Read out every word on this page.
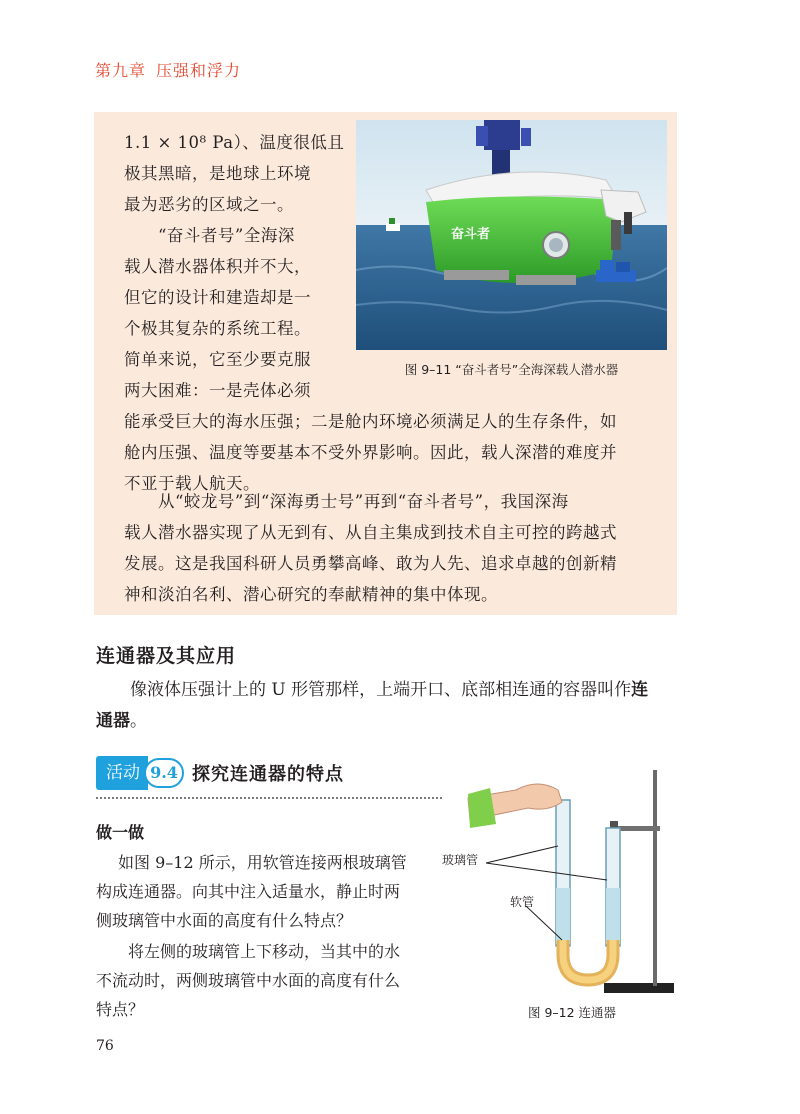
第九章 压强和浮力

1.1 × 10⁸ Pa）、温度很低且

极其黑暗，是地球上环境

最为恶劣的区域之一。

“奋斗者号”全海深

载人潜水器体积并不大，

但它的设计和建造却是一

个极其复杂的系统工程。

简单来说，它至少要克服

两大困难：一是壳体必须

能承受巨大的海水压强；二是舱内环境必须满足人的生存条件，如

舱内压强、温度等要基本不受外界影响。因此，载人深潜的难度并

不亚于载人航天。

从“蛟龙号”到“深海勇士号”再到“奋斗者号”，我国深海

载人潜水器实现了从无到有、从自主集成到技术自主可控的跨越式

发展。这是我国科研人员勇攀高峰、敢为人先、追求卓越的创新精

神和淡泊名利、潜心研究的奉献精神的集中体现。

奋斗者
图 9–11 “奋斗者号”全海深载人潜水器
连通器及其应用
像液体压强计上的 U 形管那样，上端开口、底部相连通的容器叫作连
通器。
活动 9.4 探究连通器的特点
做一做

如图 9–12 所示，用软管连接两根玻璃管

构成连通器。向其中注入适量水，静止时两

侧玻璃管中水面的高度有什么特点？

将左侧的玻璃管上下移动，当其中的水

不流动时，两侧玻璃管中水面的高度有什么

特点？

玻璃管
软管
图 9–12 连通器
76
